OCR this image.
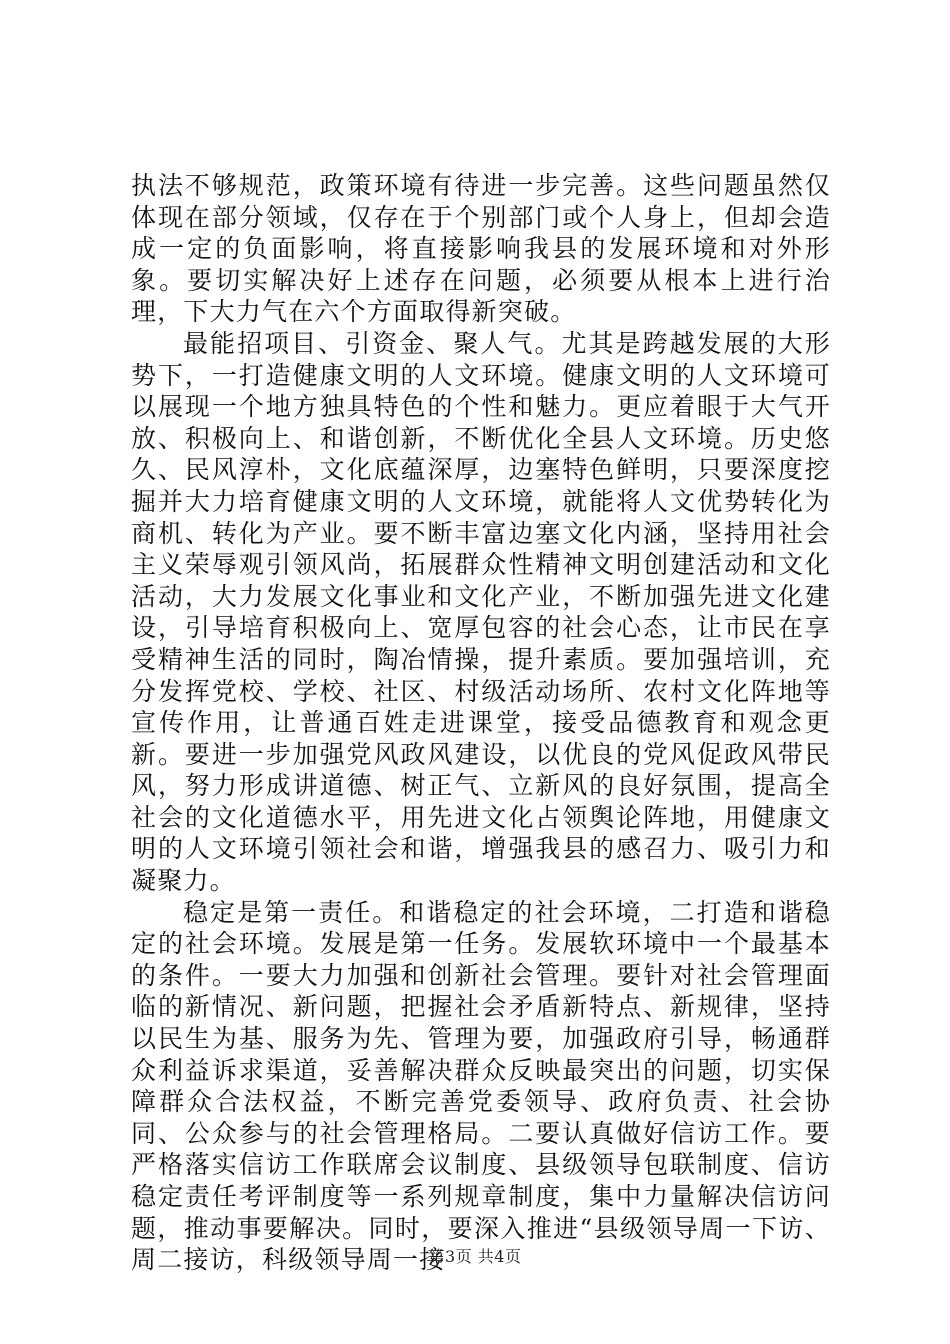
执法不够规范，政策环境有待进一步完善。这些问题虽然仅体现在部分领域，仅存在于个别部门或个人身上，但却会造成一定的负面影响，将直接影响我县的发展环境和对外形象。要切实解决好上述存在问题，必须要从根本上进行治理，下大力气在六个方面取得新突破。

最能招项目、引资金、聚人气。尤其是跨越发展的大形势下，一打造健康文明的人文环境。健康文明的人文环境可以展现一个地方独具特色的个性和魅力。更应着眼于大气开放、积极向上、和谐创新，不断优化全县人文环境。历史悠久、民风淳朴，文化底蕴深厚，边塞特色鲜明，只要深度挖掘并大力培育健康文明的人文环境，就能将人文优势转化为商机、转化为产业。要不断丰富边塞文化内涵，坚持用社会主义荣辱观引领风尚，拓展群众性精神文明创建活动和文化活动，大力发展文化事业和文化产业，不断加强先进文化建设，引导培育积极向上、宽厚包容的社会心态，让市民在享受精神生活的同时，陶冶情操，提升素质。要加强培训，充分发挥党校、学校、社区、村级活动场所、农村文化阵地等宣传作用，让普通百姓走进课堂，接受品德教育和观念更新。要进一步加强党风政风建设，以优良的党风促政风带民风，努力形成讲道德、树正气、立新风的良好氛围，提高全社会的文化道德水平，用先进文化占领舆论阵地，用健康文明的人文环境引领社会和谐，增强我县的感召力、吸引力和凝聚力。

稳定是第一责任。和谐稳定的社会环境，二打造和谐稳定的社会环境。发展是第一任务。发展软环境中一个最基本的条件。一要大力加强和创新社会管理。要针对社会管理面临的新情况、新问题，把握社会矛盾新特点、新规律，坚持以民生为基、服务为先、管理为要，加强政府引导，畅通群众利益诉求渠道，妥善解决群众反映最突出的问题，切实保障群众合法权益，不断完善党委领导、政府负责、社会协同、公众参与的社会管理格局。二要认真做好信访工作。要严格落实信访工作联席会议制度、县级领导包联制度、信访稳定责任考评制度等一系列规章制度，集中力量解决信访问题，推动事要解决。同时，要深入推进“县级领导周一下访、周二接访，科级领导周一接

第3页 共4页
